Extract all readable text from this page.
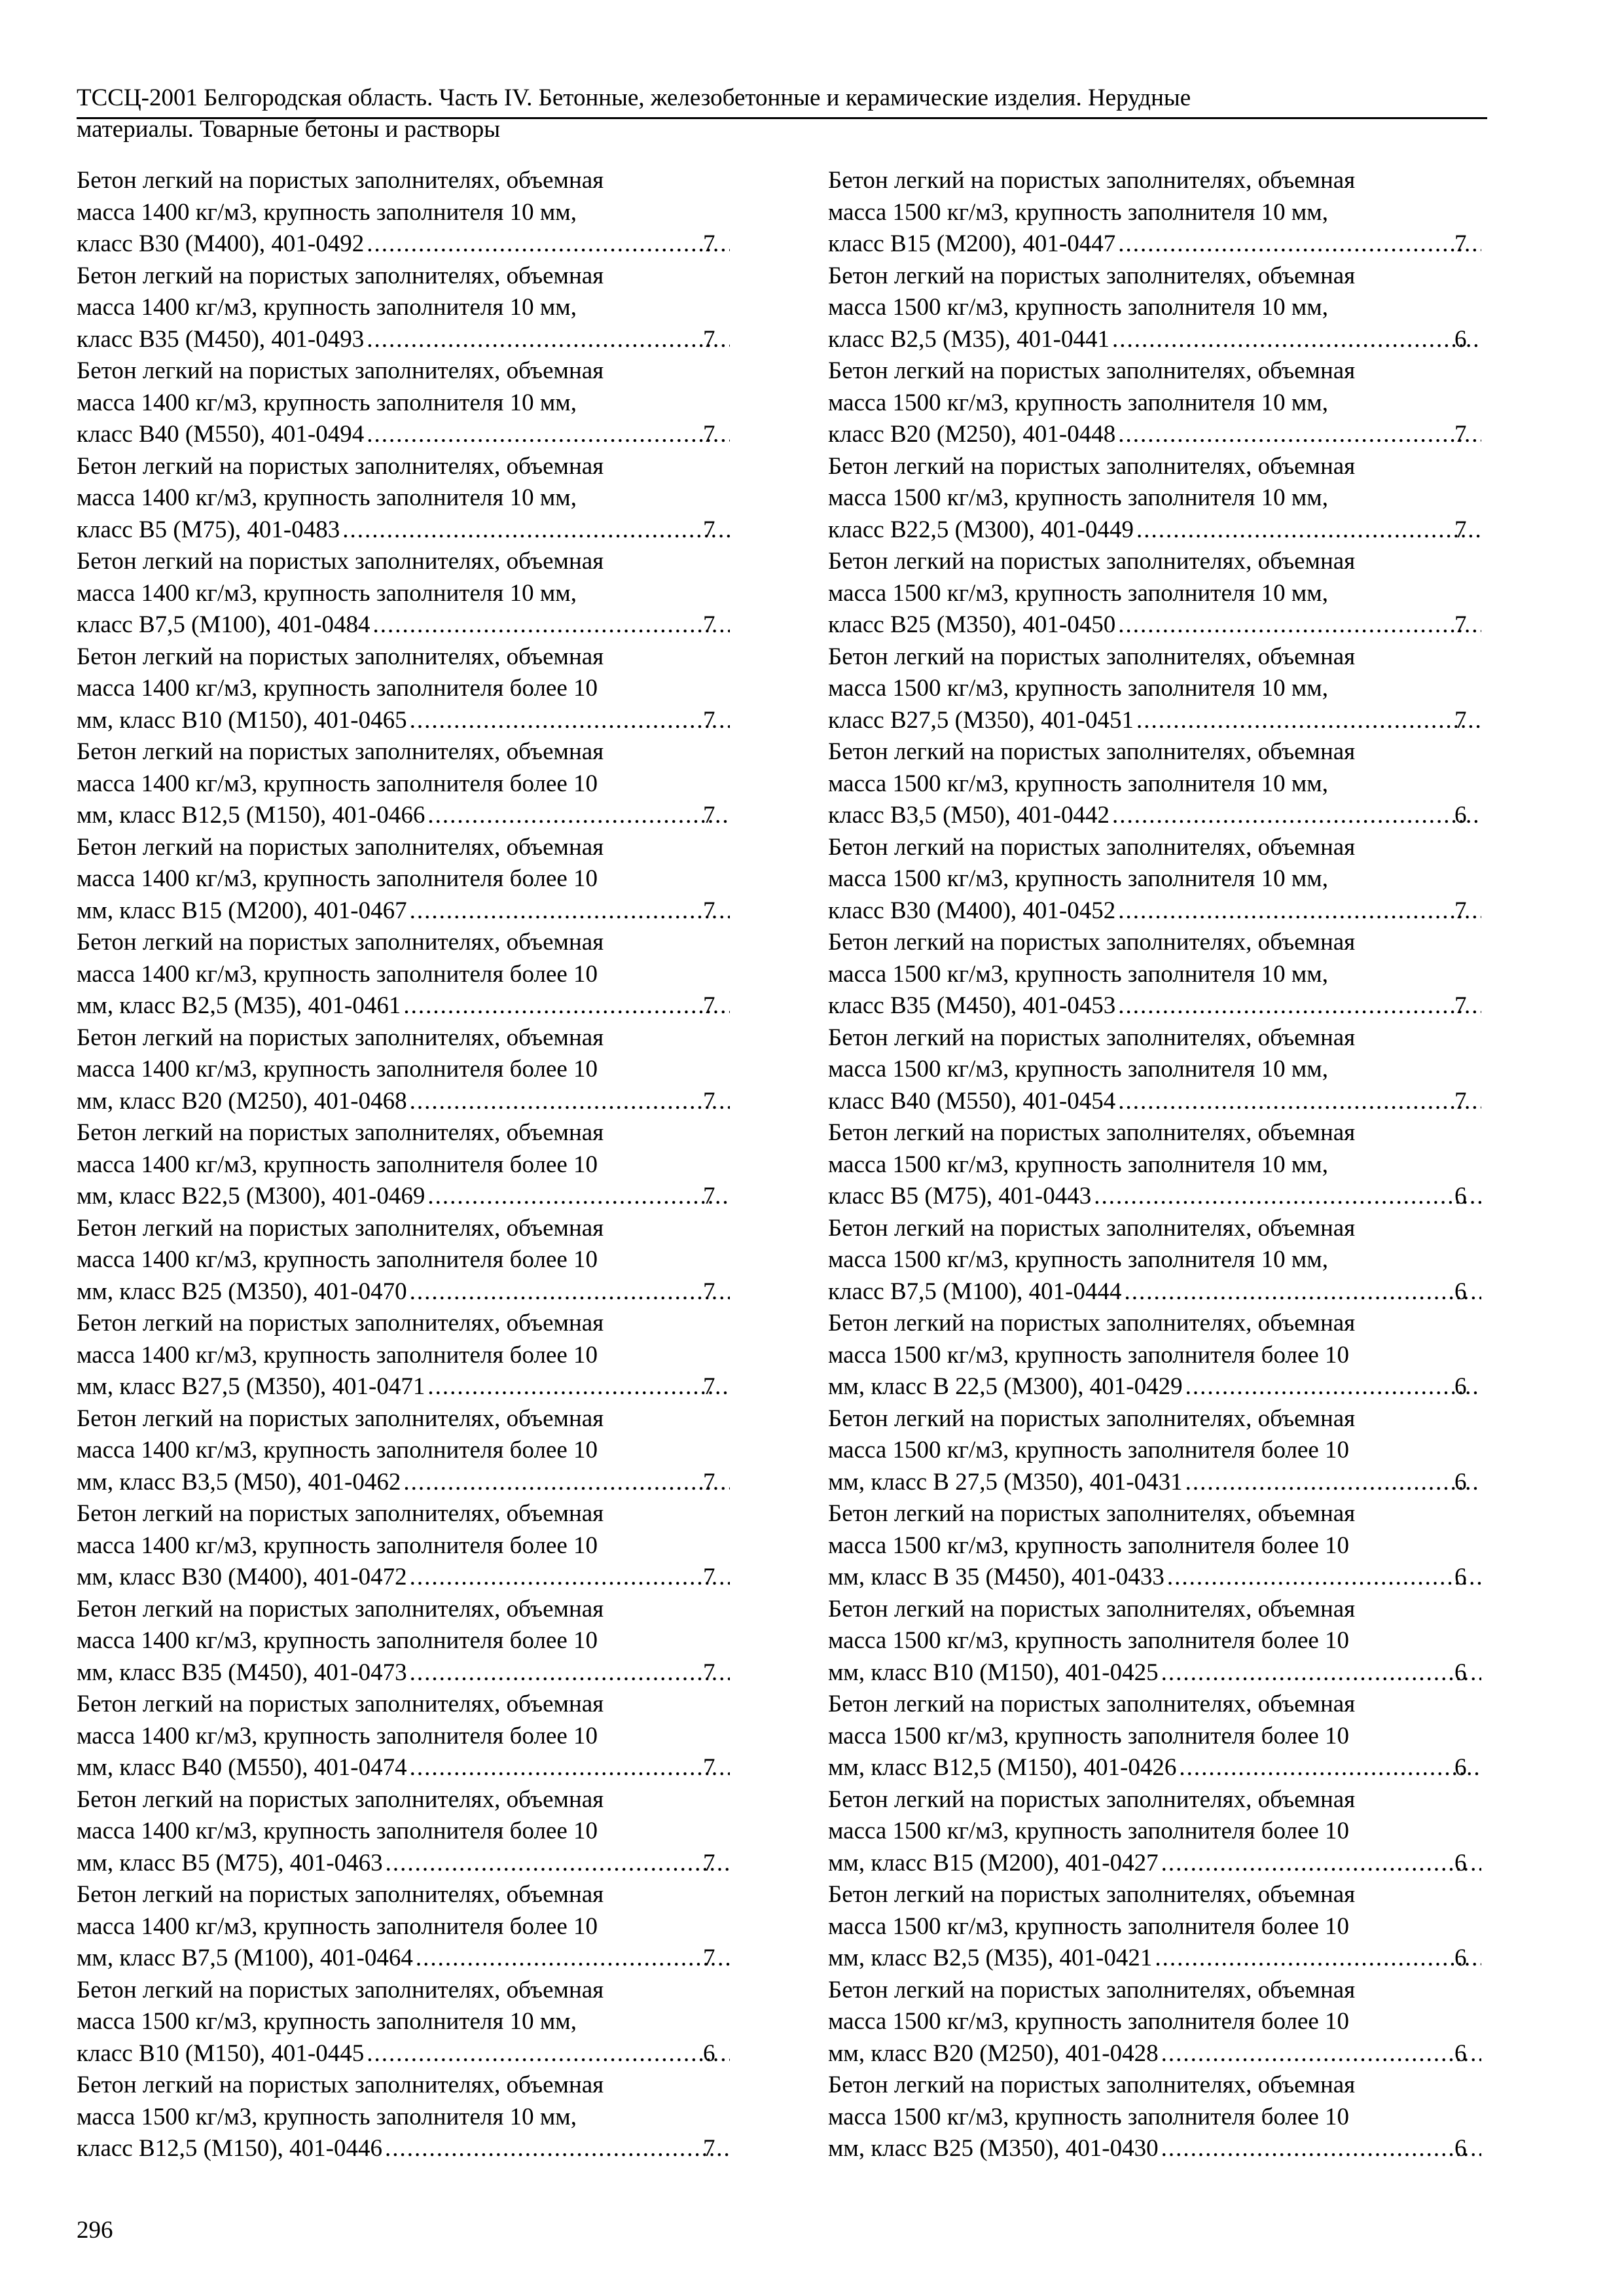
ТССЦ-2001 Белгородская область. Часть IV. Бетонные, железобетонные и керамические изделия. Нерудные
материалы. Товарные бетоны и растворы
Бетон легкий на пористых заполнителях, объемная
масса 1400 кг/м3, крупность заполнителя 10 мм,
класс В30 (М400), 401-0492 .....	7
Бетон легкий на пористых заполнителях, объемная
масса 1400 кг/м3, крупность заполнителя 10 мм,
класс В35 (М450), 401-0493 .....	7
Бетон легкий на пористых заполнителях, объемная
масса 1400 кг/м3, крупность заполнителя 10 мм,
класс В40 (М550), 401-0494 .....	7
Бетон легкий на пористых заполнителях, объемная
масса 1400 кг/м3, крупность заполнителя 10 мм,
класс В5 (М75), 401-0483 .....	7
Бетон легкий на пористых заполнителях, объемная
масса 1400 кг/м3, крупность заполнителя 10 мм,
класс В7,5 (М100), 401-0484 .....	7
Бетон легкий на пористых заполнителях, объемная
масса 1400 кг/м3, крупность заполнителя более 10
мм, класс В10 (М150), 401-0465 .....	7
Бетон легкий на пористых заполнителях, объемная
масса 1400 кг/м3, крупность заполнителя более 10
мм, класс В12,5 (М150), 401-0466 .....	7
Бетон легкий на пористых заполнителях, объемная
масса 1400 кг/м3, крупность заполнителя более 10
мм, класс В15 (М200), 401-0467 .....	7
Бетон легкий на пористых заполнителях, объемная
масса 1400 кг/м3, крупность заполнителя более 10
мм, класс В2,5 (М35), 401-0461 .....	7
Бетон легкий на пористых заполнителях, объемная
масса 1400 кг/м3, крупность заполнителя более 10
мм, класс В20 (М250), 401-0468 .....	7
Бетон легкий на пористых заполнителях, объемная
масса 1400 кг/м3, крупность заполнителя более 10
мм, класс В22,5 (М300), 401-0469 .....	7
Бетон легкий на пористых заполнителях, объемная
масса 1400 кг/м3, крупность заполнителя более 10
мм, класс В25 (М350), 401-0470 .....	7
Бетон легкий на пористых заполнителях, объемная
масса 1400 кг/м3, крупность заполнителя более 10
мм, класс В27,5 (М350), 401-0471 .....	7
Бетон легкий на пористых заполнителях, объемная
масса 1400 кг/м3, крупность заполнителя более 10
мм, класс В3,5 (М50), 401-0462 .....	7
Бетон легкий на пористых заполнителях, объемная
масса 1400 кг/м3, крупность заполнителя более 10
мм, класс В30 (М400), 401-0472 .....	7
Бетон легкий на пористых заполнителях, объемная
масса 1400 кг/м3, крупность заполнителя более 10
мм, класс В35 (М450), 401-0473 .....	7
Бетон легкий на пористых заполнителях, объемная
масса 1400 кг/м3, крупность заполнителя более 10
мм, класс В40 (М550), 401-0474 .....	7
Бетон легкий на пористых заполнителях, объемная
масса 1400 кг/м3, крупность заполнителя более 10
мм, класс В5 (М75), 401-0463 .....	7
Бетон легкий на пористых заполнителях, объемная
масса 1400 кг/м3, крупность заполнителя более 10
мм, класс В7,5 (М100), 401-0464 .....	7
Бетон легкий на пористых заполнителях, объемная
масса 1500 кг/м3, крупность заполнителя 10 мм,
класс В10 (М150), 401-0445 .....	6
Бетон легкий на пористых заполнителях, объемная
масса 1500 кг/м3, крупность заполнителя 10 мм,
класс В12,5 (М150), 401-0446 .....	7
Бетон легкий на пористых заполнителях, объемная
масса 1500 кг/м3, крупность заполнителя 10 мм,
класс В15 (М200), 401-0447 .....	7
Бетон легкий на пористых заполнителях, объемная
масса 1500 кг/м3, крупность заполнителя 10 мм,
класс В2,5 (М35), 401-0441 .....	6
Бетон легкий на пористых заполнителях, объемная
масса 1500 кг/м3, крупность заполнителя 10 мм,
класс В20 (М250), 401-0448 .....	7
Бетон легкий на пористых заполнителях, объемная
масса 1500 кг/м3, крупность заполнителя 10 мм,
класс В22,5 (М300), 401-0449 .....	7
Бетон легкий на пористых заполнителях, объемная
масса 1500 кг/м3, крупность заполнителя 10 мм,
класс В25 (М350), 401-0450 .....	7
Бетон легкий на пористых заполнителях, объемная
масса 1500 кг/м3, крупность заполнителя 10 мм,
класс В27,5 (М350), 401-0451 .....	7
Бетон легкий на пористых заполнителях, объемная
масса 1500 кг/м3, крупность заполнителя 10 мм,
класс В3,5 (М50), 401-0442 .....	6
Бетон легкий на пористых заполнителях, объемная
масса 1500 кг/м3, крупность заполнителя 10 мм,
класс В30 (М400), 401-0452 .....	7
Бетон легкий на пористых заполнителях, объемная
масса 1500 кг/м3, крупность заполнителя 10 мм,
класс В35 (М450), 401-0453 .....	7
Бетон легкий на пористых заполнителях, объемная
масса 1500 кг/м3, крупность заполнителя 10 мм,
класс В40 (М550), 401-0454 .....	7
Бетон легкий на пористых заполнителях, объемная
масса 1500 кг/м3, крупность заполнителя 10 мм,
класс В5 (М75), 401-0443 .....	6
Бетон легкий на пористых заполнителях, объемная
масса 1500 кг/м3, крупность заполнителя 10 мм,
класс В7,5 (М100), 401-0444 .....	6
Бетон легкий на пористых заполнителях, объемная
масса 1500 кг/м3, крупность заполнителя более 10
мм, класс В 22,5 (М300), 401-0429 .....	6
Бетон легкий на пористых заполнителях, объемная
масса 1500 кг/м3, крупность заполнителя более 10
мм, класс В 27,5 (М350), 401-0431 .....	6
Бетон легкий на пористых заполнителях, объемная
масса 1500 кг/м3, крупность заполнителя более 10
мм, класс В 35 (М450), 401-0433 .....	6
Бетон легкий на пористых заполнителях, объемная
масса 1500 кг/м3, крупность заполнителя более 10
мм, класс В10 (М150), 401-0425 .....	6
Бетон легкий на пористых заполнителях, объемная
масса 1500 кг/м3, крупность заполнителя более 10
мм, класс В12,5 (М150), 401-0426 .....	6
Бетон легкий на пористых заполнителях, объемная
масса 1500 кг/м3, крупность заполнителя более 10
мм, класс В15 (М200), 401-0427 .....	6
Бетон легкий на пористых заполнителях, объемная
масса 1500 кг/м3, крупность заполнителя более 10
мм, класс В2,5 (М35), 401-0421 .....	6
Бетон легкий на пористых заполнителях, объемная
масса 1500 кг/м3, крупность заполнителя более 10
мм, класс В20 (М250), 401-0428 .....	6
Бетон легкий на пористых заполнителях, объемная
масса 1500 кг/м3, крупность заполнителя более 10
мм, класс В25 (М350), 401-0430 .....	6
296
